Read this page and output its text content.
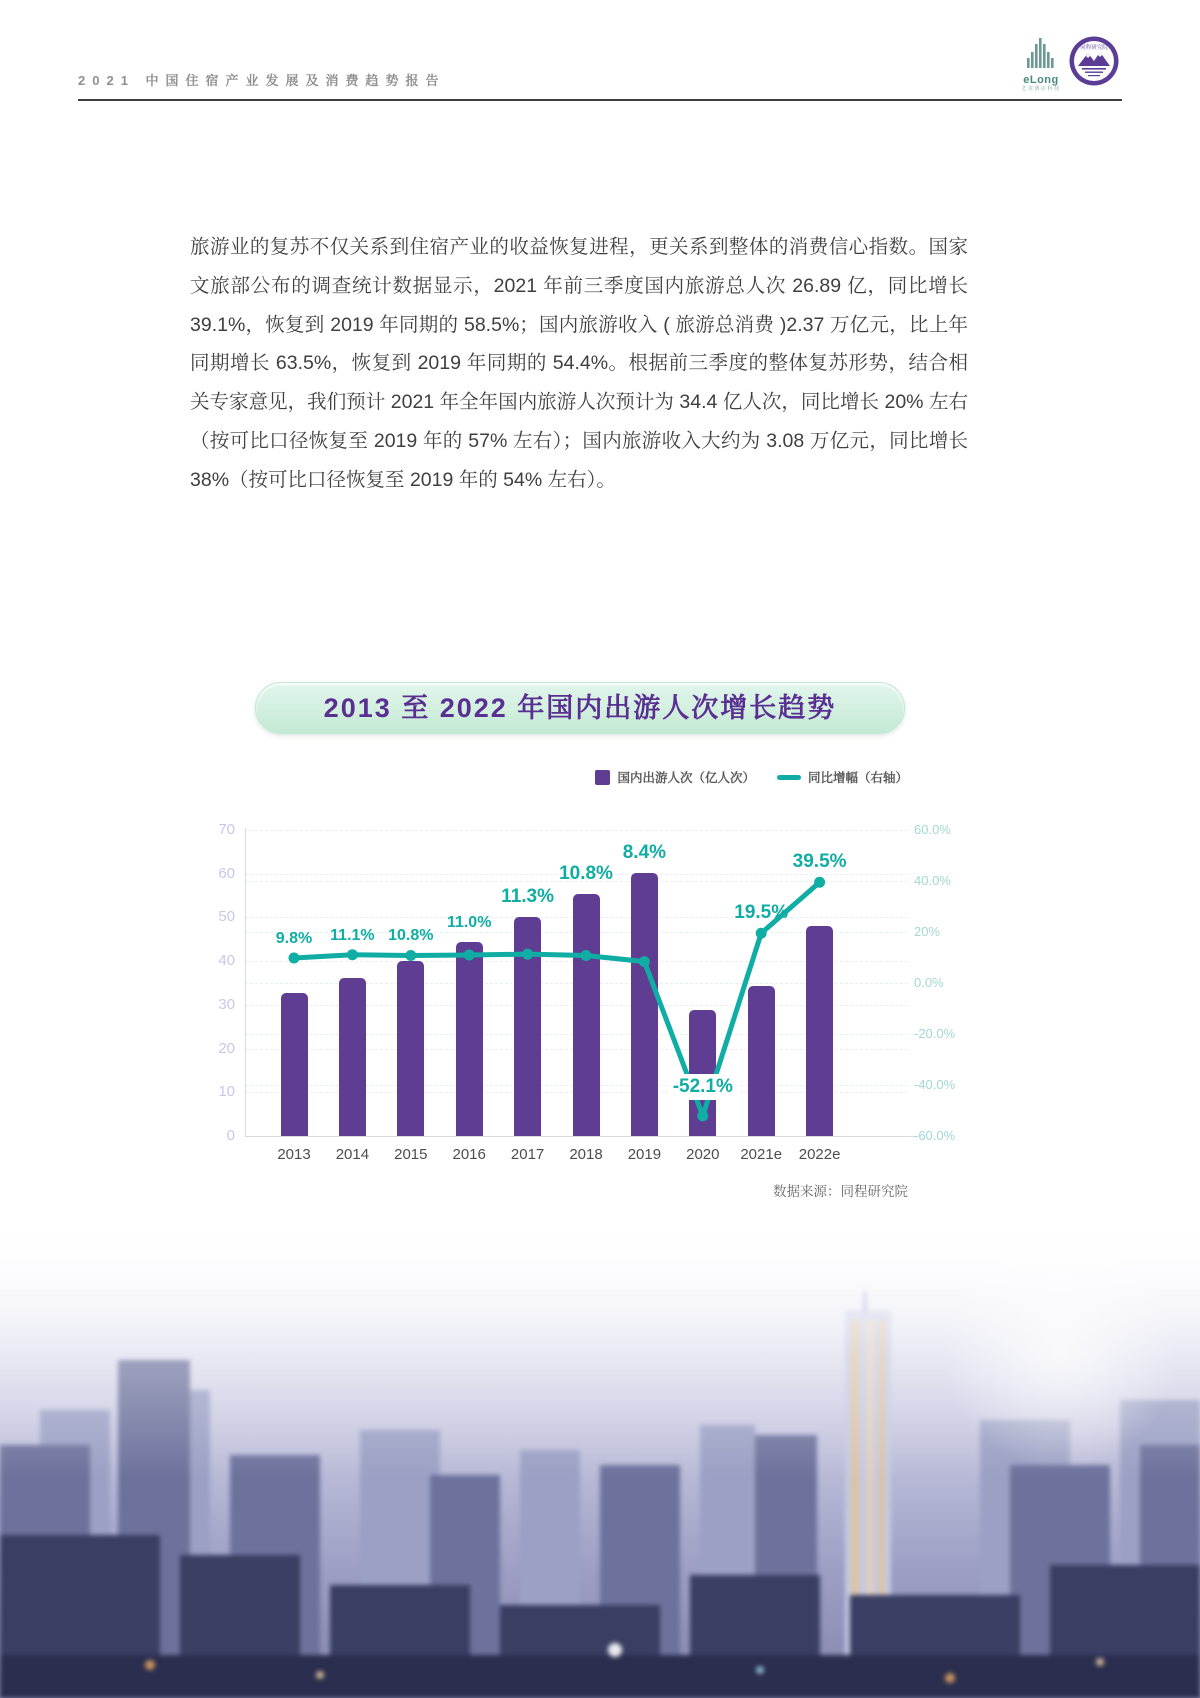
2021 中国住宿产业发展及消费趋势报告	eLong
艺龙酒店科技
同程研究院

旅游业的复苏不仅关系到住宿产业的收益恢复进程，更关系到整体的消费信心指数。国家文旅部公布的调查统计数据显示，2021 年前三季度国内旅游总人次 26.89 亿，同比增长 39.1%，恢复到 2019 年同期的 58.5%；国内旅游收入 ( 旅游总消费 )2.37 万亿元，比上年同期增长 63.5%，恢复到 2019 年同期的 54.4%。根据前三季度的整体复苏形势，结合相关专家意见，我们预计 2021 年全年国内旅游人次预计为 34.4 亿人次，同比增长 20% 左右（按可比口径恢复至 2019 年的 57% 左右）；国内旅游收入大约为 3.08 万亿元，同比增长 38%（按可比口径恢复至 2019 年的 54% 左右）。

2013 至 2022 年国内出游人次增长趋势
国内出游人次（亿人次）	同比增幅（右轴）
70
60
50
40
30
20
10
0
60.0%
40.0%
20%
0.0%
-20.0%
-40.0%
-60.0%
2013 2014 2015 2016 2017 2018 2019 2020 2021e 2022e
9.8% 11.1% 10.8%
11.0%
11.3%
10.8%
8.4%
-52.1%
19.5%
39.5%
数据来源：同程研究院
